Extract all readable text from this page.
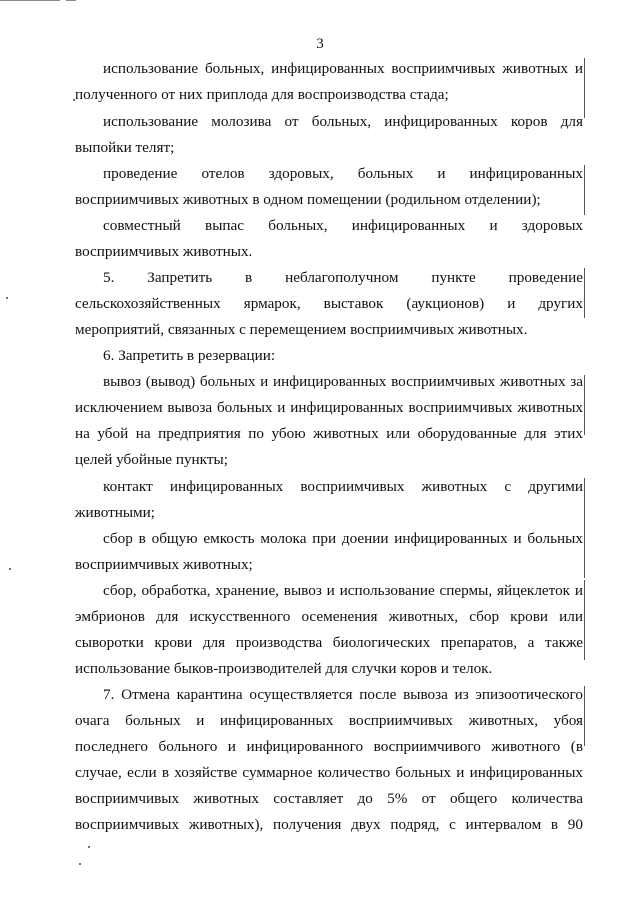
3
использование больных, инфицированных восприимчивых животных и
полученного от них приплода для воспроизводства стада;
использование молозива от больных, инфицированных коров для
выпойки телят;
проведение отелов здоровых, больных и инфицированных
восприимчивых животных в одном помещении (родильном отделении);
совместный выпас больных, инфицированных и здоровых
восприимчивых животных.
5. Запретить в неблагополучном пункте проведение
сельскохозяйственных ярмарок, выставок (аукционов) и других
мероприятий, связанных с перемещением восприимчивых животных.
6. Запретить в резервации:
вывоз (вывод) больных и инфицированных восприимчивых животных за
исключением вывоза больных и инфицированных восприимчивых животных
на убой на предприятия по убою животных или оборудованные для этих
целей убойные пункты;
контакт инфицированных восприимчивых животных с другими
животными;
сбор в общую емкость молока при доении инфицированных и больных
восприимчивых животных;
сбор, обработка, хранение, вывоз и использование спермы, яйцеклеток и
эмбрионов для искусственного осеменения животных, сбор крови или
сыворотки крови для производства биологических препаратов, а также
использование быков-производителей для случки коров и телок.
7. Отмена карантина осуществляется после вывоза из эпизоотического
очага больных и инфицированных восприимчивых животных, убоя
последнего больного и инфицированного восприимчивого животного (в
случае, если в хозяйстве суммарное количество больных и инфицированных
восприимчивых животных составляет до 5% от общего количества
восприимчивых животных), получения двух подряд, с интервалом в 90
